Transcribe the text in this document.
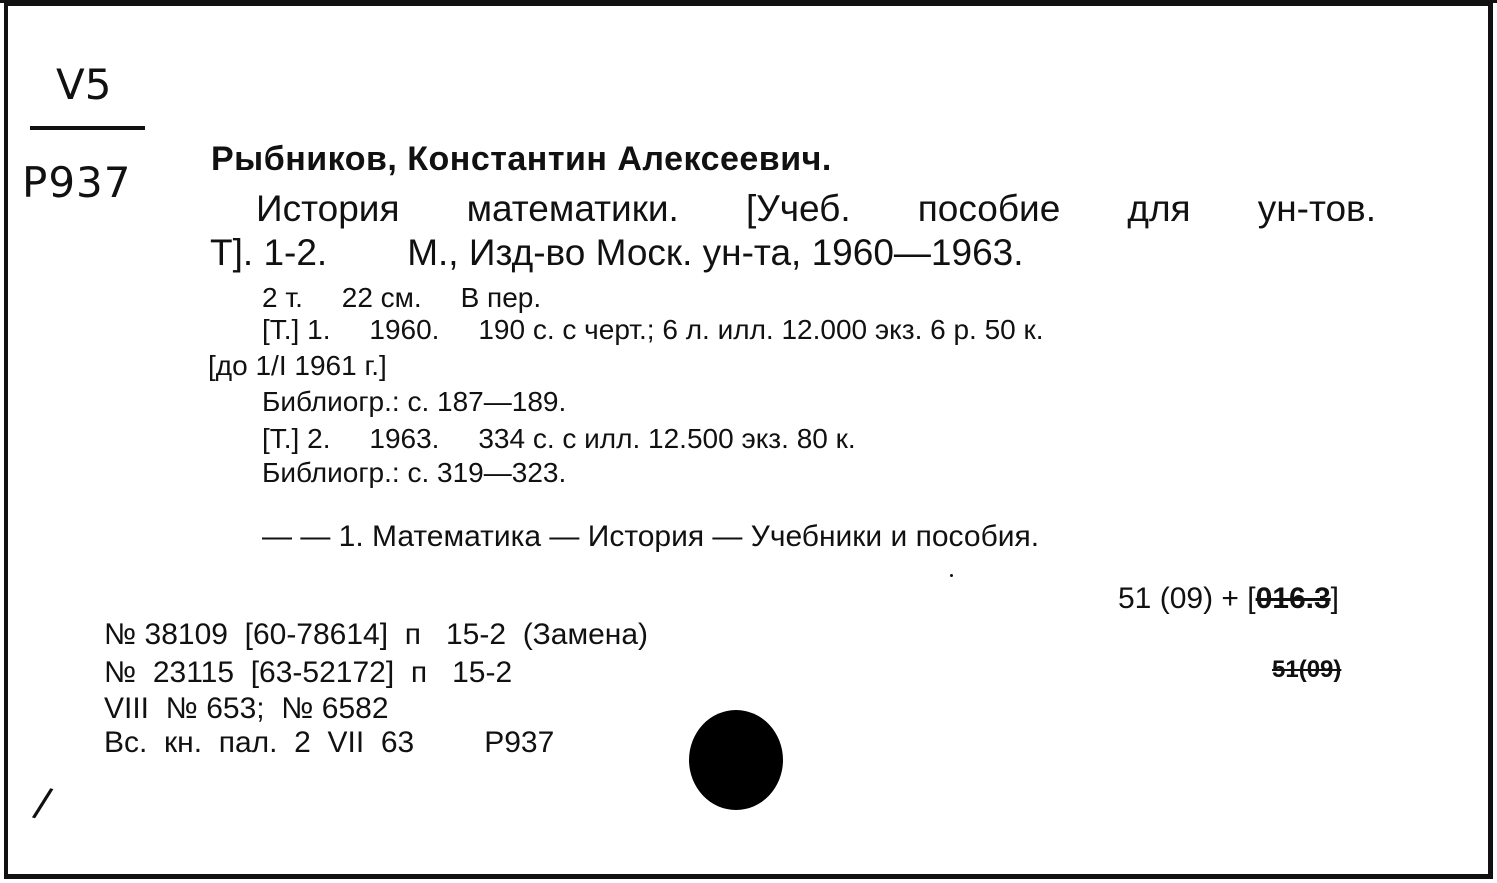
V5
P937 Рыбников, Константин Алексеевич.
История математики. [Учеб. пособие для ун-тов.
Т]. 1-2. М., Изд-во Моск. ун-та, 1960—1963.
2 т.     22 см.     В пер.
[Т.] 1.     1960.     190 с. с черт.; 6 л. илл. 12.000 экз. 6 р. 50 к.
[до 1/I 1961 г.]
Библиогр.: с. 187—189.
[Т.] 2.     1963.     334 с. с илл. 12.500 экз. 80 к.
Библиогр.: с. 319—323.
— — 1. Математика — История — Учебники и пособия.
51 (09) + [016.3]
51(09)
№ 38109  [60-78614]  п   15-2  (Замена)
№  23115  [63-52172]  п   15-2
VIII  № 653;  № 6582
Вс.  кн.  пал.  2  VII  63 P937
/
